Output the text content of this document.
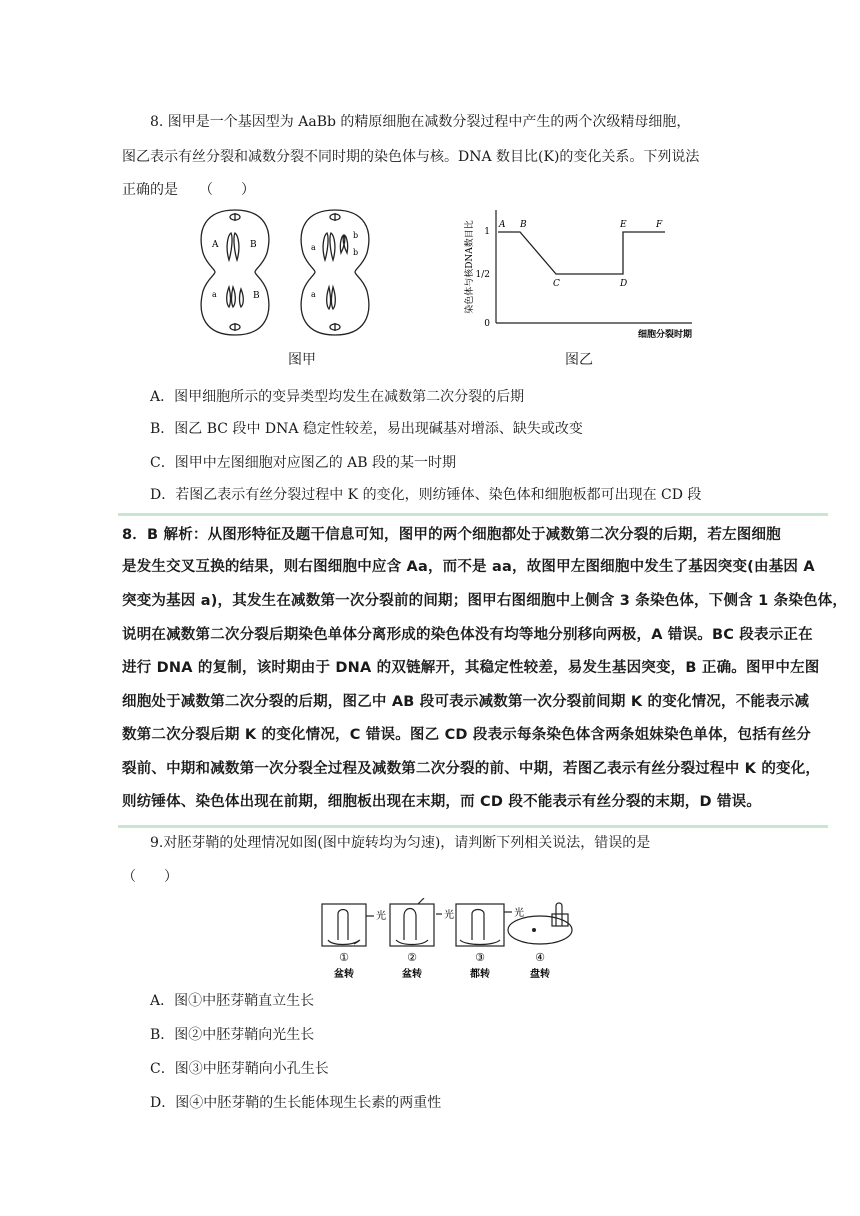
8. 图甲是一个基因型为 AaBb 的精原细胞在减数分裂过程中产生的两个次级精母细胞，
图乙表示有丝分裂和减数分裂不同时期的染色体与核。DNA 数目比(K)的变化关系。下列说法
正确的是　　（　　）
A	B
a	B
a
b
b
a
图甲
染色体与核DNA数目比 1
1/2
0
A B
C	D
E	F
细胞分裂时期
图乙
A．图甲细胞所示的变异类型均发生在减数第二次分裂的后期
B．图乙 BC 段中 DNA 稳定性较差，易出现碱基对增添、缺失或改变
C．图甲中左图细胞对应图乙的 AB 段的某一时期
D．若图乙表示有丝分裂过程中 K 的变化，则纺锤体、染色体和细胞板都可出现在 CD 段
8．B 解析：从图形特征及题干信息可知，图甲的两个细胞都处于减数第二次分裂的后期，若左图细胞
是发生交叉互换的结果，则右图细胞中应含 Aa，而不是 aa，故图甲左图细胞中发生了基因突变(由基因 A
突变为基因 a)，其发生在减数第一次分裂前的间期；图甲右图细胞中上侧含 3 条染色体，下侧含 1 条染色体，
说明在减数第二次分裂后期染色单体分离形成的染色体没有均等地分别移向两极，A 错误。BC 段表示正在
进行 DNA 的复制，该时期由于 DNA 的双链解开，其稳定性较差，易发生基因突变，B 正确。图甲中左图
细胞处于减数第二次分裂的后期，图乙中 AB 段可表示减数第一次分裂前间期 K 的变化情况，不能表示减
数第二次分裂后期 K 的变化情况，C 错误。图乙 CD 段表示每条染色体含两条姐妹染色单体，包括有丝分
裂前、中期和减数第一次分裂全过程及减数第二次分裂的前、中期，若图乙表示有丝分裂过程中 K 的变化，
则纺锤体、染色体出现在前期，细胞板出现在末期，而 CD 段不能表示有丝分裂的末期，D 错误。
9.对胚芽鞘的处理情况如图(图中旋转均为匀速)，请判断下列相关说法，错误的是
（　　）
光	光	光
①	②	③	④
盆转	盆转	都转	盘转
A．图①中胚芽鞘直立生长
B．图②中胚芽鞘向光生长
C．图③中胚芽鞘向小孔生长
D．图④中胚芽鞘的生长能体现生长素的两重性
